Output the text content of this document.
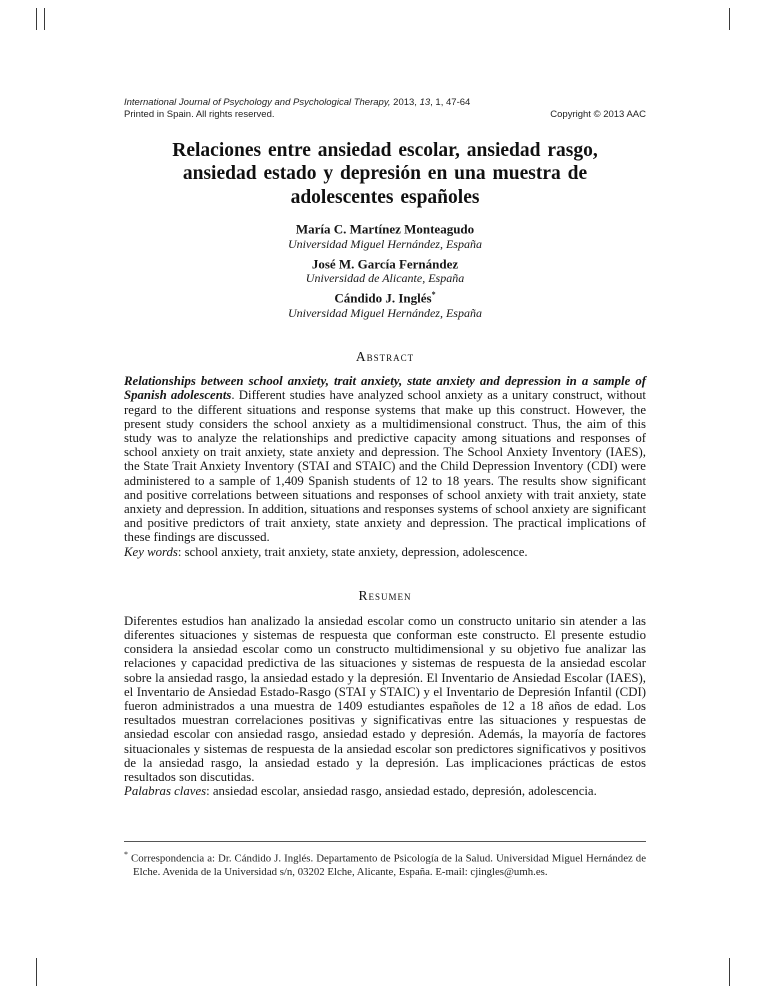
International Journal of Psychology and Psychological Therapy, 2013, 13, 1, 47-64
Printed in Spain. All rights reserved.	Copyright © 2013 AAC
Relaciones entre ansiedad escolar, ansiedad rasgo,
ansiedad estado y depresión en una muestra de
adolescentes españoles
María C. Martínez Monteagudo
Universidad Miguel Hernández, España
José M. García Fernández
Universidad de Alicante, España
Cándido J. Inglés*
Universidad Miguel Hernández, España
Abstract
Relationships between school anxiety, trait anxiety, state anxiety and depression in a sample of Spanish adolescents. Different studies have analyzed school anxiety as a unitary construct, without regard to the different situations and response systems that make up this construct. However, the present study considers the school anxiety as a multidimensional construct. Thus, the aim of this study was to analyze the relationships and predictive capacity among situations and responses of school anxiety on trait anxiety, state anxiety and depression. The School Anxiety Inventory (IAES), the State Trait Anxiety Inventory (STAI and STAIC) and the Child Depression Inventory (CDI) were administered to a sample of 1,409 Spanish students of 12 to 18 years. The results show significant and positive correlations between situations and responses of school anxiety with trait anxiety, state anxiety and depression. In addition, situations and responses systems of school anxiety are significant and positive predictors of trait anxiety, state anxiety and depression. The practical implications of these findings are discussed.
Key words: school anxiety, trait anxiety, state anxiety, depression, adolescence.
Resumen
Diferentes estudios han analizado la ansiedad escolar como un constructo unitario sin atender a las diferentes situaciones y sistemas de respuesta que conforman este constructo. El presente estudio considera la ansiedad escolar como un constructo multidimensional y su objetivo fue analizar las relaciones y capacidad predictiva de las situaciones y sistemas de respuesta de la ansiedad escolar sobre la ansiedad rasgo, la ansiedad estado y la depresión. El Inventario de Ansiedad Escolar (IAES), el Inventario de Ansiedad Estado-Rasgo (STAI y STAIC) y el Inventario de Depresión Infantil (CDI) fueron administrados a una muestra de 1409 estudiantes españoles de 12 a 18 años de edad. Los resultados muestran correlaciones positivas y significativas entre las situaciones y respuestas de ansiedad escolar con ansiedad rasgo, ansiedad estado y depresión. Además, la mayoría de factores situacionales y sistemas de respuesta de la ansiedad escolar son predictores significativos y positivos de la ansiedad rasgo, la ansiedad estado y la depresión. Las implicaciones prácticas de estos resultados son discutidas.
Palabras claves: ansiedad escolar, ansiedad rasgo, ansiedad estado, depresión, adolescencia.
* Correspondencia a: Dr. Cándido J. Inglés. Departamento de Psicología de la Salud. Universidad Miguel Hernández de Elche. Avenida de la Universidad s/n, 03202 Elche, Alicante, España. E-mail: cjingles@umh.es.
